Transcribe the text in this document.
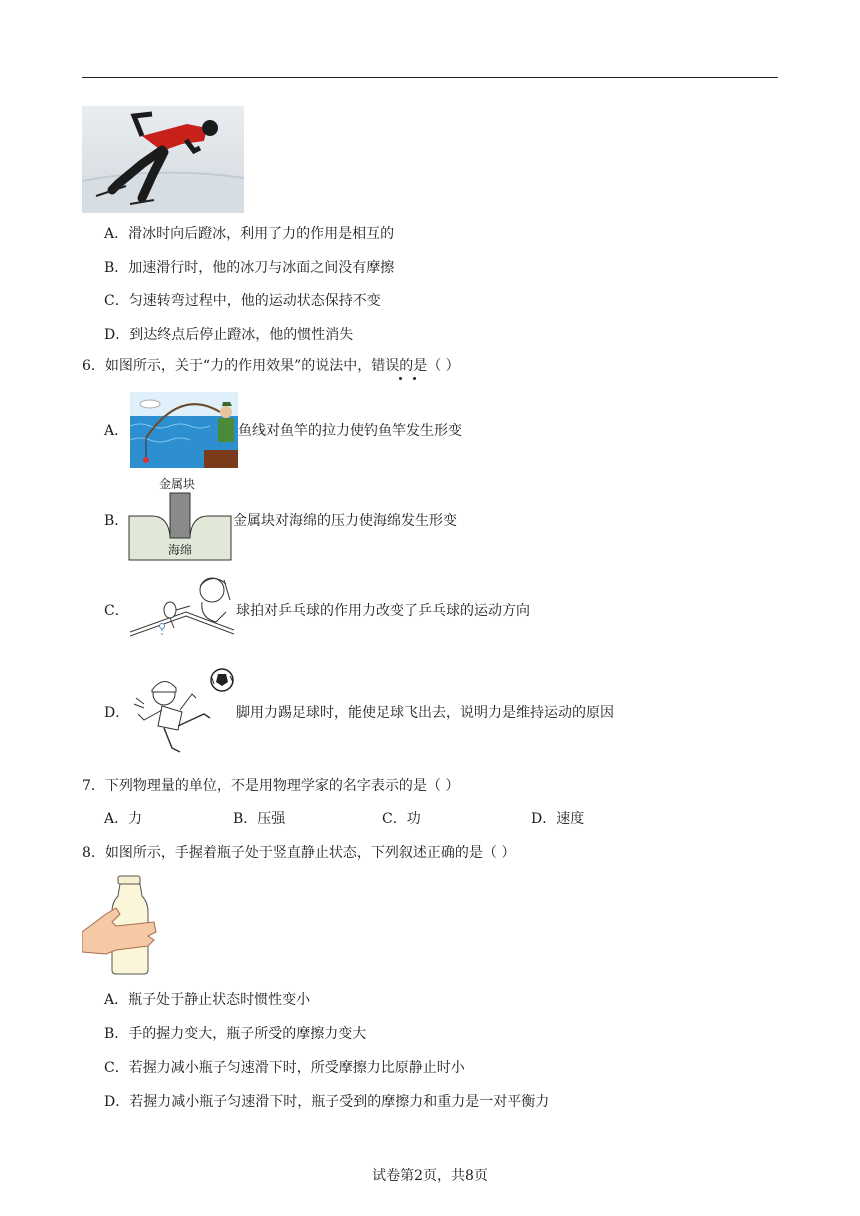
A．滑冰时向后蹬冰，利用了力的作用是相互的
B．加速滑行时，他的冰刀与冰面之间没有摩擦
C．匀速转弯过程中，他的运动状态保持不变
D．到达终点后停止蹬冰，他的惯性消失
6．如图所示，关于“力的作用效果”的说法中，错误的是（ ）
A．	鱼线对鱼竿的拉力使钓鱼竿发生形变
B．
金属块
海绵
金属块对海绵的压力使海绵发生形变
C．	球拍对乒乓球的作用力改变了乒乓球的运动方向
D．	脚用力踢足球时，能使足球飞出去，说明力是维持运动的原因
7．下列物理量的单位，不是用物理学家的名字表示的是（ ）
A．力	B．压强	C．功	D．速度
8．如图所示，手握着瓶子处于竖直静止状态，下列叙述正确的是（ ）
A．瓶子处于静止状态时惯性变小
B．手的握力变大，瓶子所受的摩擦力变大
C．若握力减小瓶子匀速滑下时，所受摩擦力比原静止时小
D．若握力减小瓶子匀速滑下时，瓶子受到的摩擦力和重力是一对平衡力
试卷第2页，共8页
